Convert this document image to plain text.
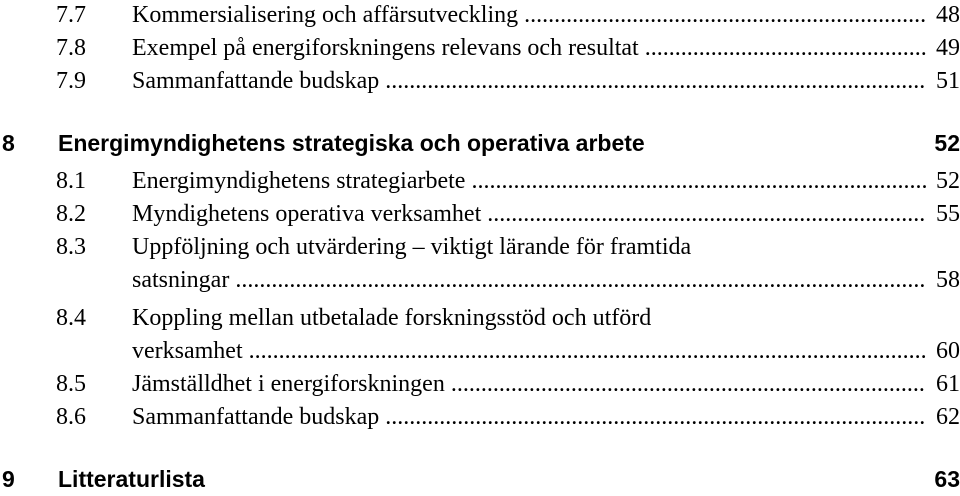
7.7 Kommersialisering och affärsutveckling .....	48
7.8 Exempel på energiforskningens relevans och resultat .....	49
7.9 Sammanfattande budskap .....	51
8 Energimyndighetens strategiska och operativa arbete	52
8.1 Energimyndighetens strategiarbete .....	52
8.2 Myndighetens operativa verksamhet .....	55
8.3 Uppföljning och utvärdering – viktigt lärande för framtida
satsningar .....	58
8.4 Koppling mellan utbetalade forskningsstöd och utförd
verksamhet .....	60
8.5 Jämställdhet i energiforskningen .....	61
8.6 Sammanfattande budskap .....	62
9 Litteraturlista	63
